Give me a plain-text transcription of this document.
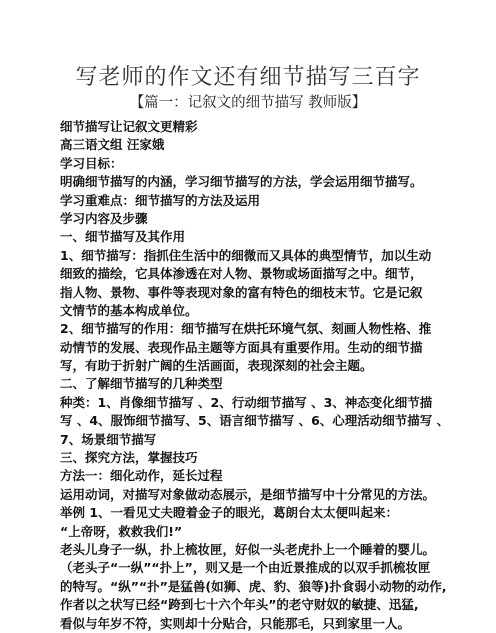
写老师的作文还有细节描写三百字
【篇一：记叙文的细节描写 教师版】
细节描写让记叙文更精彩
高三语文组 汪家娥
学习目标：
明确细节描写的内涵，学习细节描写的方法，学会运用细节描写。
学习重难点：细节描写的方法及运用
学习内容及步骤
一、细节描写及其作用
1、细节描写：指抓住生活中的细微而又具体的典型情节，加以生动
细致的描绘，它具体渗透在对人物、景物或场面描写之中。细节，
指人物、景物、事件等表现对象的富有特色的细枝末节。它是记叙
文情节的基本构成单位。
2、细节描写的作用：细节描写在烘托环境气氛、刻画人物性格、推
动情节的发展、表现作品主题等方面具有重要作用。生动的细节描
写，有助于折射广阔的生活画面，表现深刻的社会主题。
二、了解细节描写的几种类型
种类：1、肖像细节描写 、2、行动细节描写 、3、神态变化细节描
写 、4、服饰细节描写、5、语言细节描写 、6、心理活动细节描写 、
7、场景细节描写
三、探究方法，掌握技巧
方法一：细化动作，延长过程
运用动词，对描写对象做动态展示，是细节描写中十分常见的方法。
举例 1、一看见丈夫瞪着金子的眼光，葛朗台太太便叫起来：
“上帝呀，救救我们!”
老头儿身子一纵，扑上梳妆匣，好似一头老虎扑上一个睡着的婴儿。
（老头子“一纵”“扑上”，则又是一个由近景推成的以双手抓梳妆匣
的特写。“纵”“扑”是猛兽(如狮、虎、豹、狼等)扑食弱小动物的动作,
作者以之状写已经“跨到七十六个年头”的老守财奴的敏捷、迅猛,
看似与年岁不符，实则却十分贴合，只能那毛，只到家里一人。
